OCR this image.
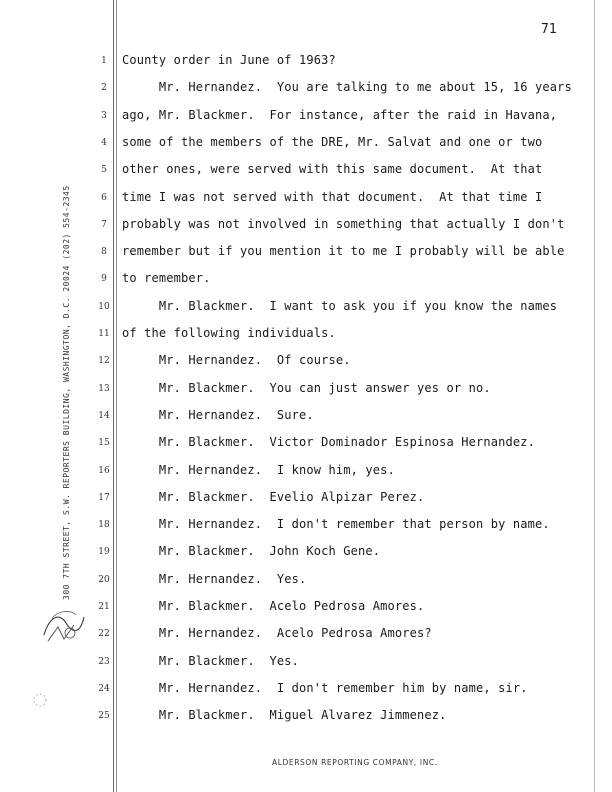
71
300 7TH STREET, S.W. REPORTERS BUILDING, WASHINGTON, D.C. 20024 (202) 554-2345
1 County order in June of 1963?
2 Mr. Hernandez.  You are talking to me about 15, 16 years
3 ago, Mr. Blackmer.  For instance, after the raid in Havana,
4 some of the members of the DRE, Mr. Salvat and one or two
5 other ones, were served with this same document.  At that
6 time I was not served with that document.  At that time I
7 probably was not involved in something that actually I don't
8 remember but if you mention it to me I probably will be able
9 to remember.
10 Mr. Blackmer.  I want to ask you if you know the names
11 of the following individuals.
12 Mr. Hernandez.  Of course.
13 Mr. Blackmer.  You can just answer yes or no.
14 Mr. Hernandez.  Sure.
15 Mr. Blackmer.  Victor Dominador Espinosa Hernandez.
16 Mr. Hernandez.  I know him, yes.
17 Mr. Blackmer.  Evelio Alpizar Perez.
18 Mr. Hernandez.  I don't remember that person by name.
19 Mr. Blackmer.  John Koch Gene.
20 Mr. Hernandez.  Yes.
21 Mr. Blackmer.  Acelo Pedrosa Amores.
22 Mr. Hernandez.  Acelo Pedrosa Amores?
23 Mr. Blackmer.  Yes.
24 Mr. Hernandez.  I don't remember him by name, sir.
25 Mr. Blackmer.  Miguel Alvarez Jimmenez.
ALDERSON REPORTING COMPANY, INC.
